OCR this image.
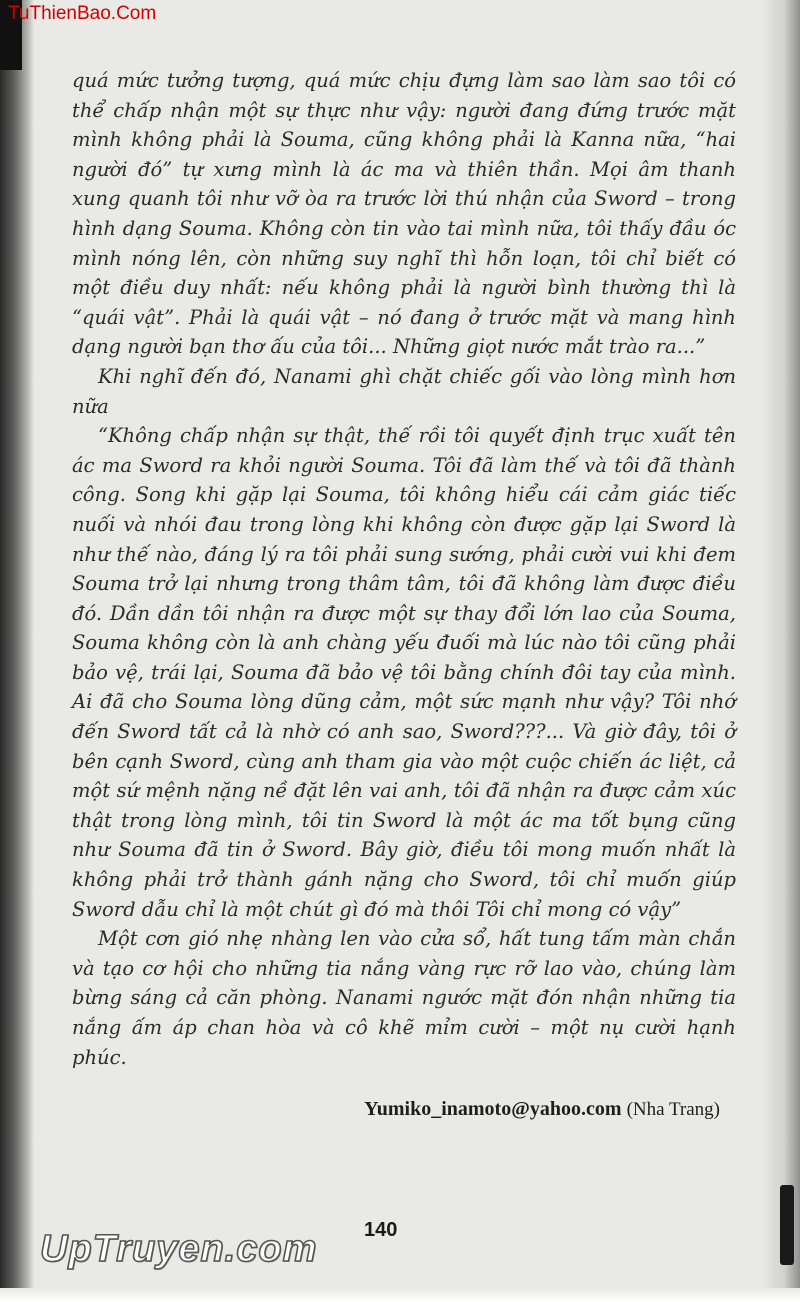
TuThienBao.Com

quá mức tưởng tượng, quá mức chịu đựng làm sao làm sao tôi có thể chấp nhận một sự thực như vậy: người đang đứng trước mặt mình không phải là Souma, cũng không phải là Kanna nữa, “hai người đó” tự xưng mình là ác ma và thiên thần. Mọi âm thanh xung quanh tôi như vỡ òa ra trước lời thú nhận của Sword – trong hình dạng Souma. Không còn tin vào tai mình nữa, tôi thấy đầu óc mình nóng lên, còn những suy nghĩ thì hỗn loạn, tôi chỉ biết có một điều duy nhất: nếu không phải là người bình thường thì là “quái vật”. Phải là quái vật – nó đang ở trước mặt và mang hình dạng người bạn thơ ấu của tôi... Những giọt nước mắt trào ra...”

Khi nghĩ đến đó, Nanami ghì chặt chiếc gối vào lòng mình hơn nữa

“Không chấp nhận sự thật, thế rồi tôi quyết định trục xuất tên ác ma Sword ra khỏi người Souma. Tôi đã làm thế và tôi đã thành công. Song khi gặp lại Souma, tôi không hiểu cái cảm giác tiếc nuối và nhói đau trong lòng khi không còn được gặp lại Sword là như thế nào, đáng lý ra tôi phải sung sướng, phải cười vui khi đem Souma trở lại nhưng trong thâm tâm, tôi đã không làm được điều đó. Dần dần tôi nhận ra được một sự thay đổi lớn lao của Souma, Souma không còn là anh chàng yếu đuối mà lúc nào tôi cũng phải bảo vệ, trái lại, Souma đã bảo vệ tôi bằng chính đôi tay của mình. Ai đã cho Souma lòng dũng cảm, một sức mạnh như vậy? Tôi nhớ đến Sword tất cả là nhờ có anh sao, Sword???... Và giờ đây, tôi ở bên cạnh Sword, cùng anh tham gia vào một cuộc chiến ác liệt, cả một sứ mệnh nặng nề đặt lên vai anh, tôi đã nhận ra được cảm xúc thật trong lòng mình, tôi tin Sword là một ác ma tốt bụng cũng như Souma đã tin ở Sword. Bây giờ, điều tôi mong muốn nhất là không phải trở thành gánh nặng cho Sword, tôi chỉ muốn giúp Sword dẫu chỉ là một chút gì đó mà thôi Tôi chỉ mong có vậy”

Một cơn gió nhẹ nhàng len vào cửa sổ, hất tung tấm màn chắn và tạo cơ hội cho những tia nắng vàng rực rỡ lao vào, chúng làm bừng sáng cả căn phòng. Nanami ngước mặt đón nhận những tia nắng ấm áp chan hòa và cô khẽ mỉm cười – một nụ cười hạnh phúc.

Yumiko_inamoto@yahoo.com (Nha Trang)
140
UpTruyen.com
